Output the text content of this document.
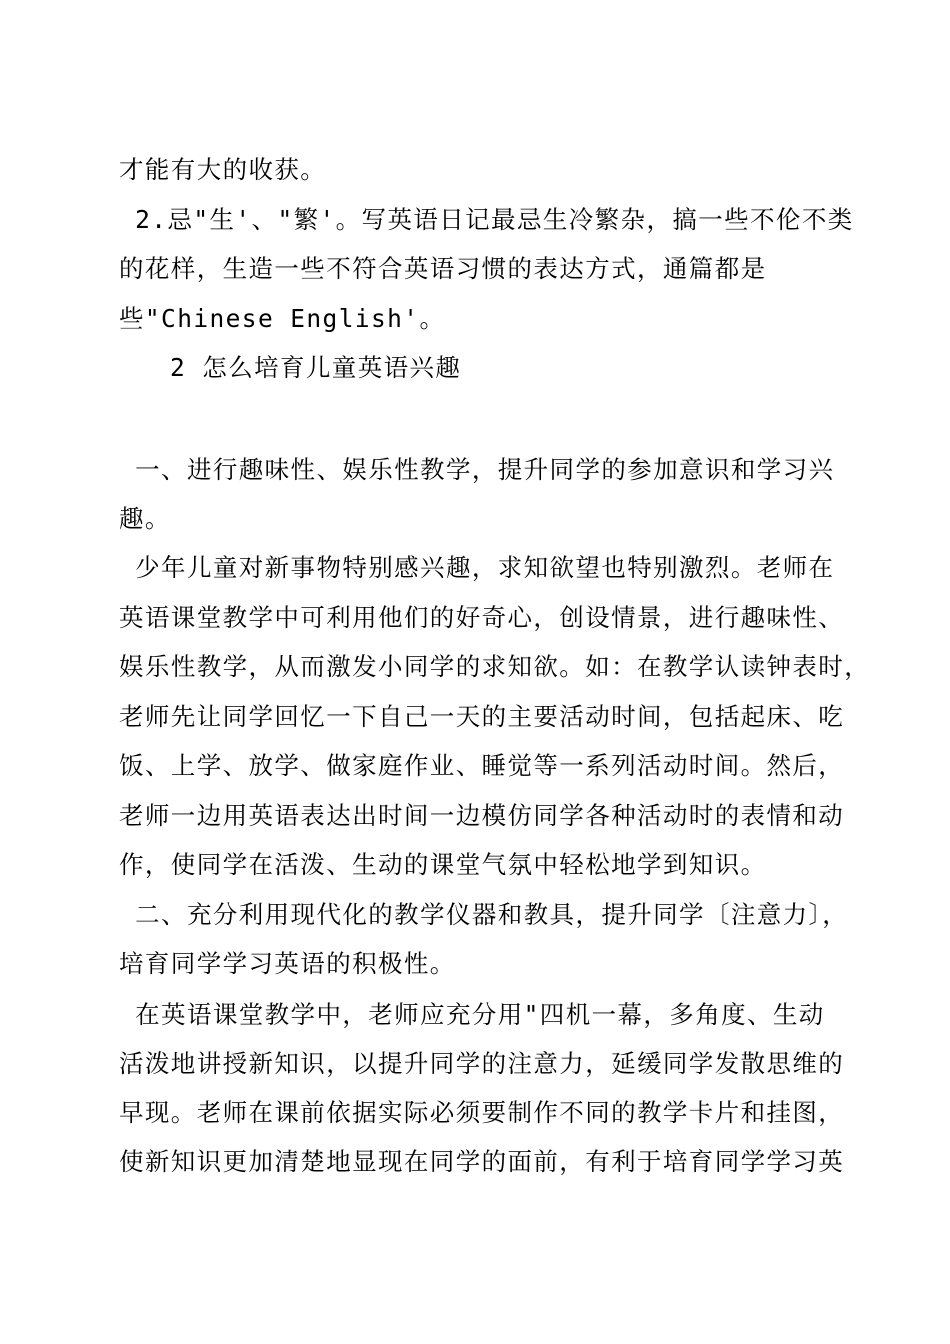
才能有大的收获。
2.忌"生'、"繁'。写英语日记最忌生冷繁杂，搞一些不伦不类
的花样，生造一些不符合英语习惯的表达方式，通篇都是
些"Chinese English'。
2 怎么培育儿童英语兴趣
一、进行趣味性、娱乐性教学，提升同学的参加意识和学习兴
趣。
少年儿童对新事物特别感兴趣，求知欲望也特别激烈。老师在
英语课堂教学中可利用他们的好奇心，创设情景，进行趣味性、
娱乐性教学，从而激发小同学的求知欲。如：在教学认读钟表时，
老师先让同学回忆一下自己一天的主要活动时间，包括起床、吃
饭、上学、放学、做家庭作业、睡觉等一系列活动时间。然后，
老师一边用英语表达出时间一边模仿同学各种活动时的表情和动
作，使同学在活泼、生动的课堂气氛中轻松地学到知识。
二、充分利用现代化的教学仪器和教具，提升同学〔注意力〕，
培育同学学习英语的积极性。
在英语课堂教学中，老师应充分用"四机一幕，多角度、生动
活泼地讲授新知识，以提升同学的注意力，延缓同学发散思维的
早现。老师在课前依据实际必须要制作不同的教学卡片和挂图，
使新知识更加清楚地显现在同学的面前，有利于培育同学学习英
